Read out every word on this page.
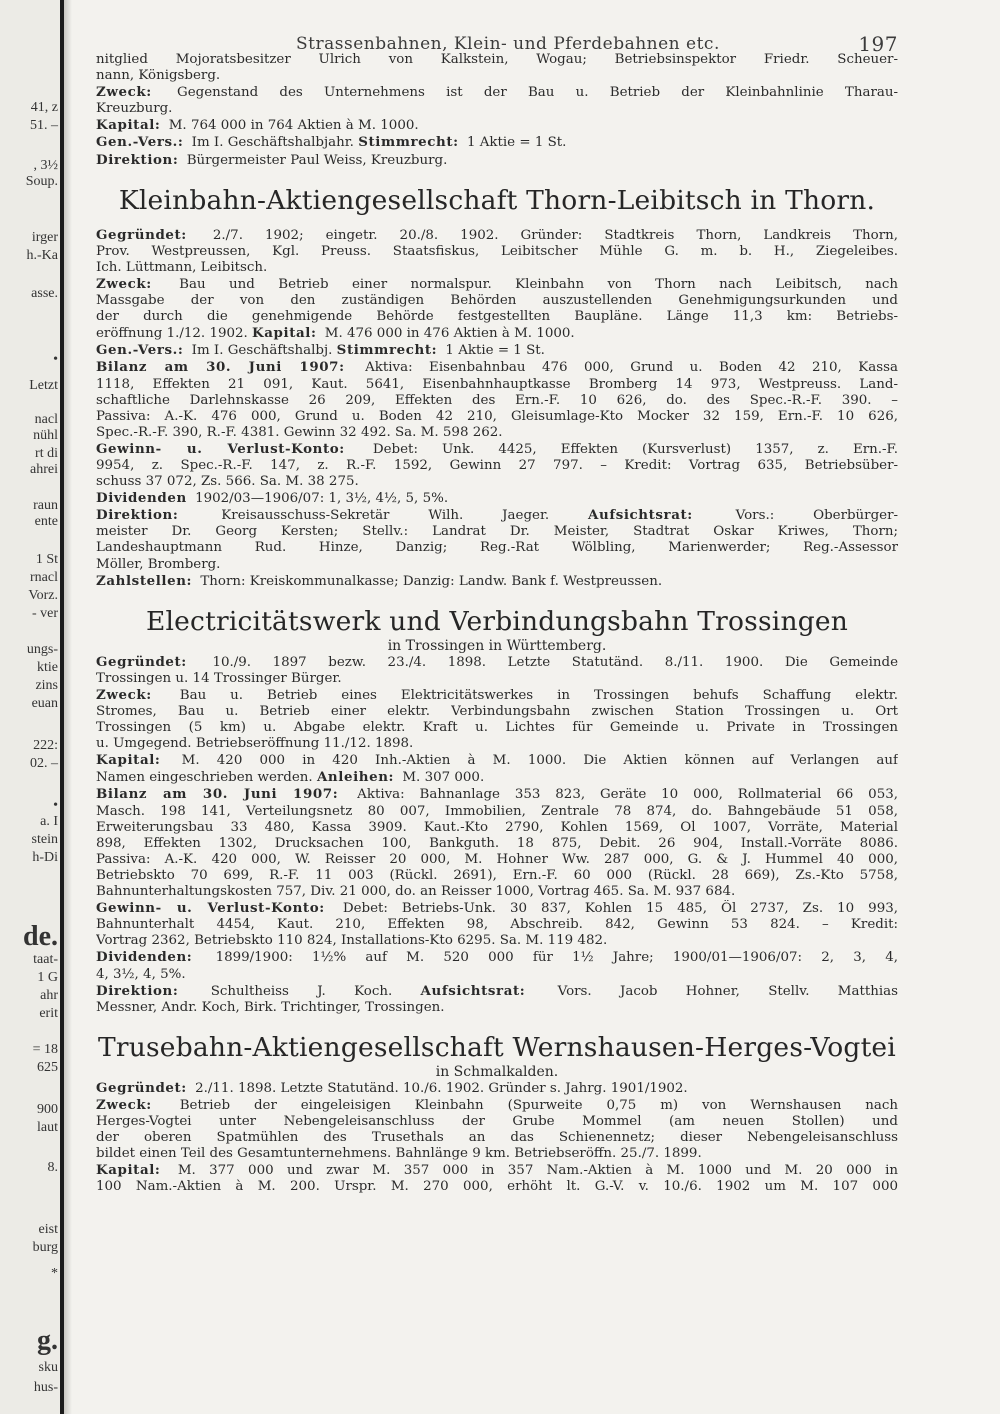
41, z
51. –
, 3½
Soup.
irger
h.-Ka
asse.
•
Letzt
nacl
nühl
rt di
ahrei
raun
ente
1 St
rnacl
Vorz.
- ver
ungs-
ktie
zins
euan
222:
02. –
•
a. I
stein
h-Di
de.
taat-
1 G
ahr
erit
= 18
625
900
laut
8.
eist
burg
*
g.
sku
hus-
Strassenbahnen, Klein- und Pferdebahnen etc.	197
nitglied Mojoratsbesitzer Ulrich von Kalkstein, Wogau; Betriebsinspektor Friedr. Scheuer-
nann, Königsberg.
Zweck: Gegenstand des Unternehmens ist der Bau u. Betrieb der Kleinbahnlinie Tharau-
Kreuzburg.
Kapital: M. 764 000 in 764 Aktien à M. 1000.
Gen.-Vers.: Im I. Geschäftshalbjahr. Stimmrecht: 1 Aktie = 1 St.
Direktion: Bürgermeister Paul Weiss, Kreuzburg.
Kleinbahn-Aktiengesellschaft Thorn-Leibitsch in Thorn.
Gegründet: 2./7. 1902; eingetr. 20./8. 1902. Gründer: Stadtkreis Thorn, Landkreis Thorn,
Prov. Westpreussen, Kgl. Preuss. Staatsfiskus, Leibitscher Mühle G. m. b. H., Ziegeleibes.
Ich. Lüttmann, Leibitsch.
Zweck: Bau und Betrieb einer normalspur. Kleinbahn von Thorn nach Leibitsch, nach
Massgabe der von den zuständigen Behörden auszustellenden Genehmigungsurkunden und
der durch die genehmigende Behörde festgestellten Baupläne. Länge 11,3 km: Betriebs-
eröffnung 1./12. 1902. Kapital: M. 476 000 in 476 Aktien à M. 1000.
Gen.-Vers.: Im I. Geschäftshalbj. Stimmrecht: 1 Aktie = 1 St.
Bilanz am 30. Juni 1907: Aktiva: Eisenbahnbau 476 000, Grund u. Boden 42 210, Kassa
1118, Effekten 21 091, Kaut. 5641, Eisenbahnhauptkasse Bromberg 14 973, Westpreuss. Land-
schaftliche Darlehnskasse 26 209, Effekten des Ern.-F. 10 626, do. des Spec.-R.-F. 390. –
Passiva: A.-K. 476 000, Grund u. Boden 42 210, Gleisumlage-Kto Mocker 32 159, Ern.-F. 10 626,
Spec.-R.-F. 390, R.-F. 4381. Gewinn 32 492. Sa. M. 598 262.
Gewinn- u. Verlust-Konto: Debet: Unk. 4425, Effekten (Kursverlust) 1357, z. Ern.-F.
9954, z. Spec.-R.-F. 147, z. R.-F. 1592, Gewinn 27 797. – Kredit: Vortrag 635, Betriebsüber-
schuss 37 072, Zs. 566. Sa. M. 38 275.
Dividenden 1902/03—1906/07: 1, 3½, 4½, 5, 5%.
Direktion: Kreisausschuss-Sekretär Wilh. Jaeger. Aufsichtsrat: Vors.: Oberbürger-
meister Dr. Georg Kersten; Stellv.: Landrat Dr. Meister, Stadtrat Oskar Kriwes, Thorn;
Landeshauptmann Rud. Hinze, Danzig; Reg.-Rat Wölbling, Marienwerder; Reg.-Assessor
Möller, Bromberg.
Zahlstellen: Thorn: Kreiskommunalkasse; Danzig: Landw. Bank f. Westpreussen.
Electricitätswerk und Verbindungsbahn Trossingen
in Trossingen in Württemberg.
Gegründet: 10./9. 1897 bezw. 23./4. 1898. Letzte Statutänd. 8./11. 1900. Die Gemeinde
Trossingen u. 14 Trossinger Bürger.
Zweck: Bau u. Betrieb eines Elektricitätswerkes in Trossingen behufs Schaffung elektr.
Stromes, Bau u. Betrieb einer elektr. Verbindungsbahn zwischen Station Trossingen u. Ort
Trossingen (5 km) u. Abgabe elektr. Kraft u. Lichtes für Gemeinde u. Private in Trossingen
u. Umgegend. Betriebseröffnung 11./12. 1898.
Kapital: M. 420 000 in 420 Inh.-Aktien à M. 1000. Die Aktien können auf Verlangen auf
Namen eingeschrieben werden. Anleihen: M. 307 000.
Bilanz am 30. Juni 1907: Aktiva: Bahnanlage 353 823, Geräte 10 000, Rollmaterial 66 053,
Masch. 198 141, Verteilungsnetz 80 007, Immobilien, Zentrale 78 874, do. Bahngebäude 51 058,
Erweiterungsbau 33 480, Kassa 3909. Kaut.-Kto 2790, Kohlen 1569, Öl 1007, Vorräte, Material
898, Effekten 1302, Drucksachen 100, Bankguth. 18 875, Debit. 26 904, Install.-Vorräte 8086.
Passiva: A.-K. 420 000, W. Reisser 20 000, M. Hohner Ww. 287 000, G. & J. Hummel 40 000,
Betriebskto 70 699, R.-F. 11 003 (Rückl. 2691), Ern.-F. 60 000 (Rückl. 28 669), Zs.-Kto 5758,
Bahnunterhaltungskosten 757, Div. 21 000, do. an Reisser 1000, Vortrag 465. Sa. M. 937 684.
Gewinn- u. Verlust-Konto: Debet: Betriebs-Unk. 30 837, Kohlen 15 485, Öl 2737, Zs. 10 993,
Bahnunterhalt 4454, Kaut. 210, Effekten 98, Abschreib. 842, Gewinn 53 824. – Kredit:
Vortrag 2362, Betriebskto 110 824, Installations-Kto 6295. Sa. M. 119 482.
Dividenden: 1899/1900: 1½% auf M. 520 000 für 1½ Jahre; 1900/01—1906/07: 2, 3, 4,
4, 3½, 4, 5%.
Direktion: Schultheiss J. Koch. Aufsichtsrat: Vors. Jacob Hohner, Stellv. Matthias
Messner, Andr. Koch, Birk. Trichtinger, Trossingen.
Trusebahn-Aktiengesellschaft Wernshausen-Herges-Vogtei
in Schmalkalden.
Gegründet: 2./11. 1898. Letzte Statutänd. 10./6. 1902. Gründer s. Jahrg. 1901/1902.
Zweck: Betrieb der eingeleisigen Kleinbahn (Spurweite 0,75 m) von Wernshausen nach
Herges-Vogtei unter Nebengeleisanschluss der Grube Mommel (am neuen Stollen) und
der oberen Spatmühlen des Trusethals an das Schienennetz; dieser Nebengeleisanschluss
bildet einen Teil des Gesamtunternehmens. Bahnlänge 9 km. Betriebseröffn. 25./7. 1899.
Kapital: M. 377 000 und zwar M. 357 000 in 357 Nam.-Aktien à M. 1000 und M. 20 000 in
100 Nam.-Aktien à M. 200. Urspr. M. 270 000, erhöht lt. G.-V. v. 10./6. 1902 um M. 107 000
